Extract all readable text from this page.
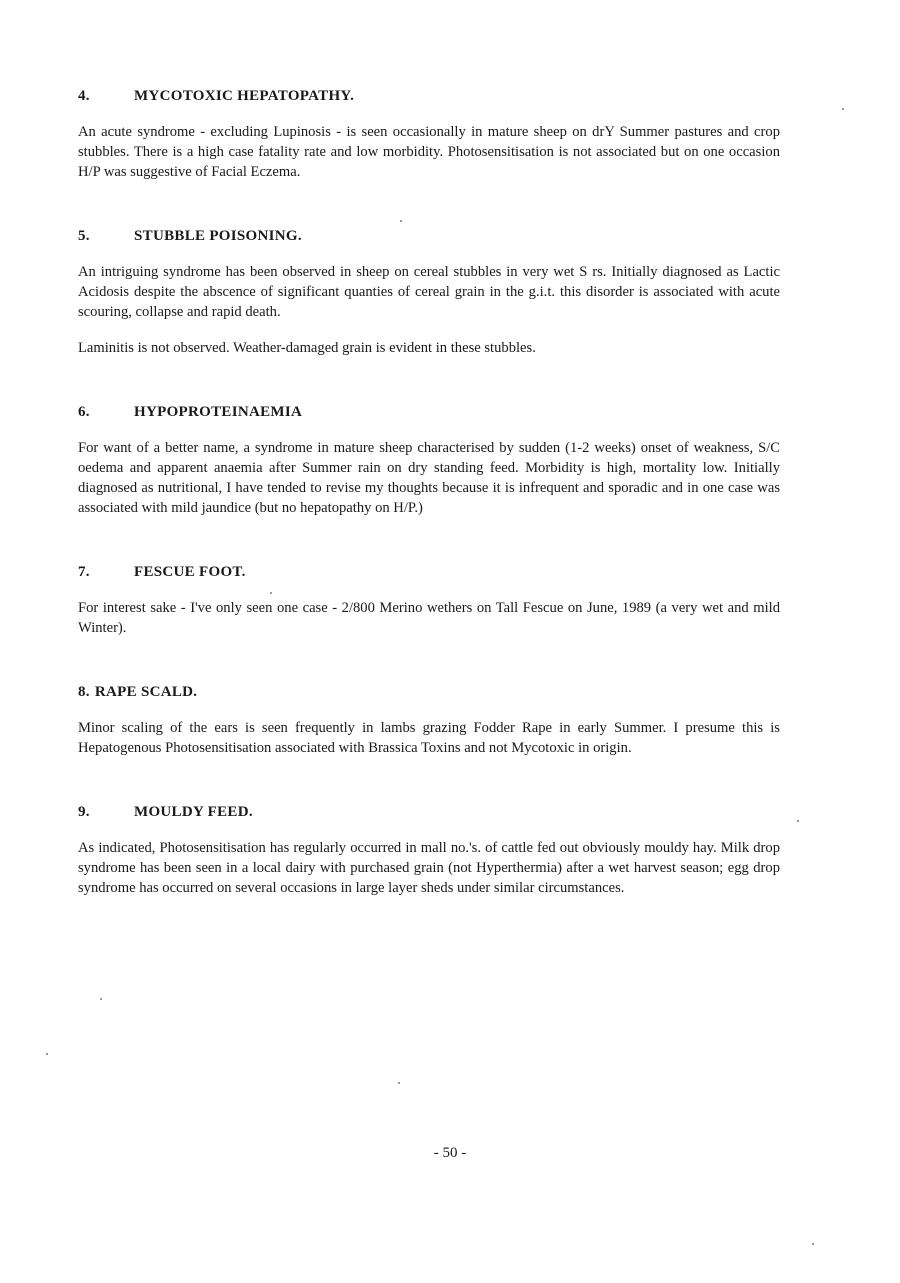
4.	MYCOTOXIC HEPATOPATHY.

An acute syndrome - excluding Lupinosis - is seen occasionally in mature sheep on drY Summer pastures and crop stubbles. There is a high case fatality rate and low morbidity. Photosensitisation is not associated but on one occasion H/P was suggestive of Facial Eczema.

5.	STUBBLE POISONING.

An intriguing syndrome has been observed in sheep on cereal stubbles in very wet S rs. Initially diagnosed as Lactic Acidosis despite the abscence of significant quanties of cereal grain in the g.i.t. this disorder is associated with acute scouring, collapse and rapid death.

Laminitis is not observed. Weather-damaged grain is evident in these stubbles.

6.	HYPOPROTEINAEMIA

For want of a better name, a syndrome in mature sheep characterised by sudden (1-2 weeks) onset of weakness, S/C oedema and apparent anaemia after Summer rain on dry standing feed. Morbidity is high, mortality low. Initially diagnosed as nutritional, I have tended to revise my thoughts because it is infrequent and sporadic and in one case was associated with mild jaundice (but no hepatopathy on H/P.)

7.	FESCUE FOOT.

For interest sake - I've only seen one case - 2/800 Merino wethers on Tall Fescue on June, 1989 (a very wet and mild Winter).

8. RAPE SCALD.

Minor scaling of the ears is seen frequently in lambs grazing Fodder Rape in early Summer. I presume this is Hepatogenous Photosensitisation associated with Brassica Toxins and not Mycotoxic in origin.

9.	MOULDY FEED.

As indicated, Photosensitisation has regularly occurred in mall no.'s. of cattle fed out obviously mouldy hay. Milk drop syndrome has been seen in a local dairy with purchased grain (not Hyperthermia) after a wet harvest season; egg drop syndrome has occurred on several occasions in large layer sheds under similar circumstances.

- 50 -
